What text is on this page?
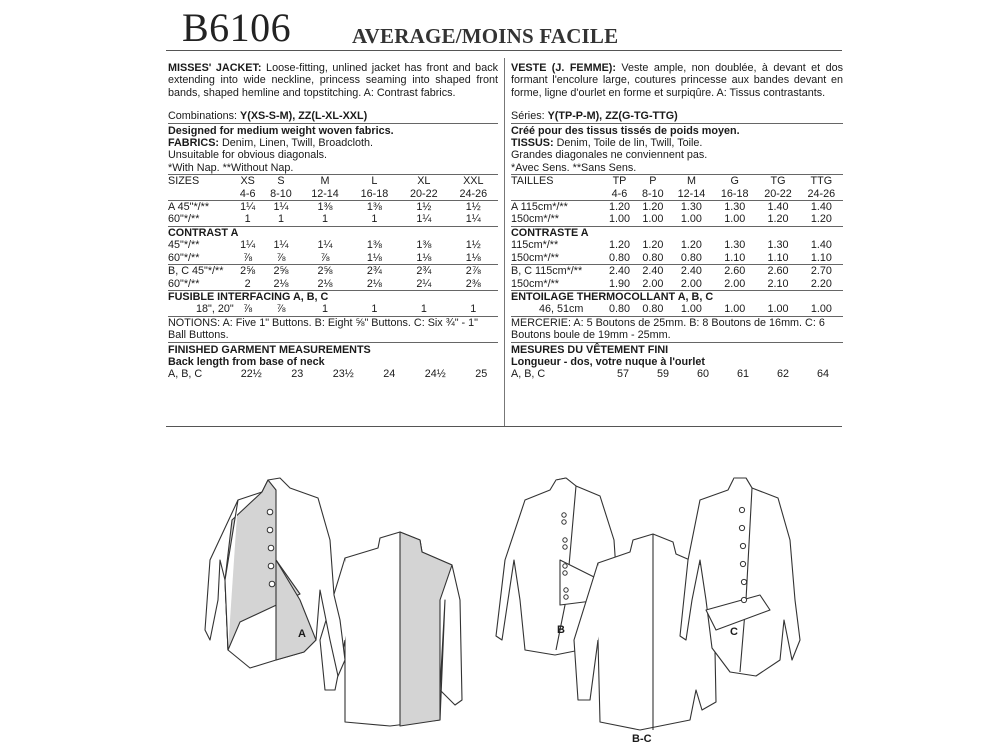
B6106	AVERAGE/MOINS FACILE

MISSES' JACKET: Loose-fitting, unlined jacket has front and back extending into wide neckline, princess seaming into shaped front bands, shaped hemline and topstitching. A: Contrast fabrics.

Combinations: Y(XS-S-M), ZZ(L-XL-XXL)

Designed for medium weight woven fabrics.

FABRICS: Denim, Linen, Twill, Broadcloth.

Unsuitable for obvious diagonals.

*With Nap. **Without Nap.

SIZES	XS	S	M	L	XL	XXL
	4-6	8-10	12-14	16-18	20-22	24-26
A 45"*/**	1¼	1¼	1⅜	1⅜	1½	1½
60"*/**	1	1	1	1	1¼	1¼
CONTRAST A						
45"*/**	1¼	1¼	1¼	1⅜	1⅜	1½
60"*/**	⅞	⅞	⅞	1⅛	1⅛	1⅛
B, C 45"*/**	2⅝	2⅝	2⅝	2¾	2¾	2⅞
60"*/**	2	2⅛	2⅛	2⅛	2¼	2⅜
FUSIBLE INTERFACING A, B, C						
18", 20"	⅞	⅞	1	1	1	1

NOTIONS: A: Five 1" Buttons. B: Eight ⅝" Buttons. C: Six ¾" - 1" Ball Buttons.

FINISHED GARMENT MEASUREMENTS

Back length from base of neck

A, B, C	22½	23	23½	24	24½	25

VESTE (J. FEMME): Veste ample, non doublée, à devant et dos formant l'encolure large, coutures princesse aux bandes devant en forme, ligne d'ourlet en forme et surpiqûre. A: Tissus contrastants.

Séries: Y(TP-P-M), ZZ(G-TG-TTG)

Créé pour des tissus tissés de poids moyen.

TISSUS: Denim, Toile de lin, Twill, Toile.

Grandes diagonales ne conviennent pas.

*Avec Sens. **Sans Sens.

TAILLES	TP	P	M	G	TG	TTG
	4-6	8-10	12-14	16-18	20-22	24-26
A 115cm*/**	1.20	1.20	1.30	1.30	1.40	1.40
150cm*/**	1.00	1.00	1.00	1.00	1.20	1.20
CONTRASTE A						
115cm*/**	1.20	1.20	1.20	1.30	1.30	1.40
150cm*/**	0.80	0.80	0.80	1.10	1.10	1.10
B, C 115cm*/**	2.40	2.40	2.40	2.60	2.60	2.70
150cm*/**	1.90	2.00	2.00	2.00	2.10	2.20
ENTOILAGE THERMOCOLLANT A, B, C						
46, 51cm	0.80	0.80	1.00	1.00	1.00	1.00

MERCERIE: A: 5 Boutons de 25mm. B: 8 Boutons de 16mm. C: 6 Boutons boule de 19mm - 25mm.

MESURES DU VÊTEMENT FINI

Longueur - dos, votre nuque à l'ourlet

A, B, C	57	59	60	61	62	64
A	B	C
B-C
